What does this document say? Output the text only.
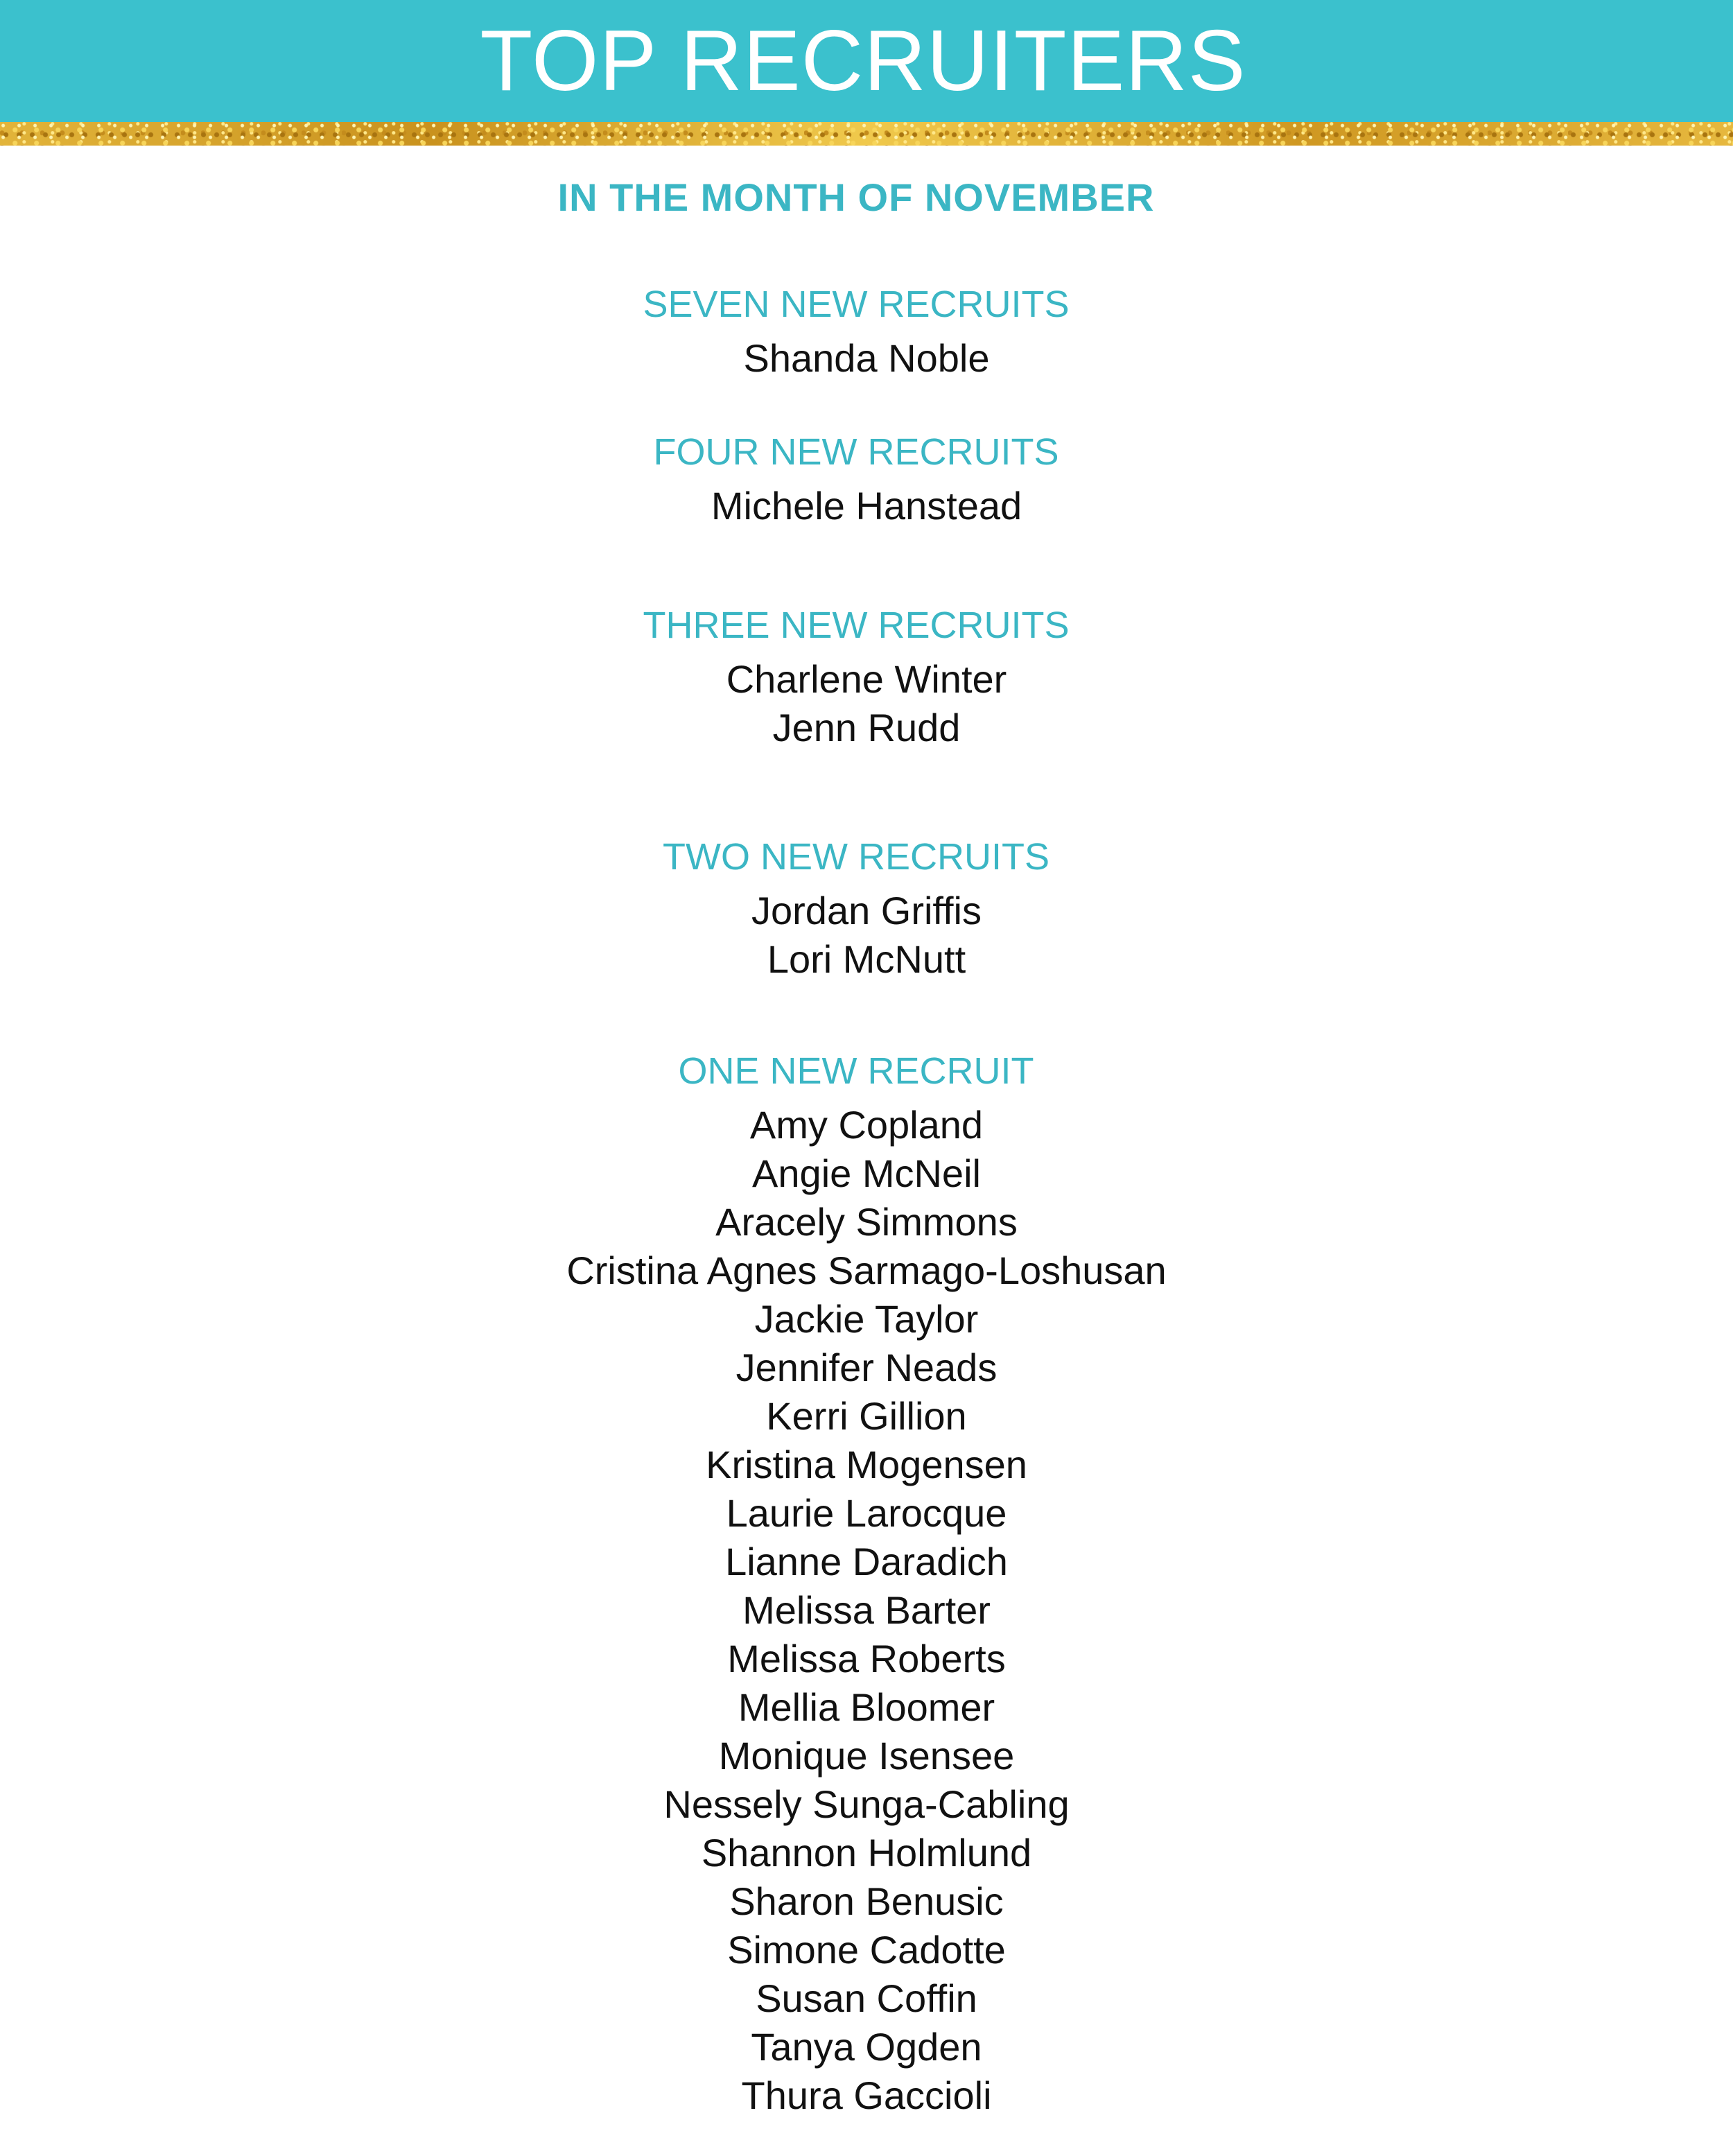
TOP RECRUITERS
IN THE MONTH OF NOVEMBER
SEVEN NEW RECRUITS
Shanda Noble
FOUR NEW RECRUITS
Michele Hanstead
THREE NEW RECRUITS
Charlene Winter
Jenn Rudd
TWO NEW RECRUITS
Jordan Griffis
Lori McNutt
ONE NEW RECRUIT
Amy Copland
Angie McNeil
Aracely Simmons
Cristina Agnes Sarmago-Loshusan
Jackie Taylor
Jennifer Neads
Kerri Gillion
Kristina Mogensen
Laurie Larocque
Lianne Daradich
Melissa Barter
Melissa Roberts
Mellia Bloomer
Monique Isensee
Nessely Sunga-Cabling
Shannon Holmlund
Sharon Benusic
Simone Cadotte
Susan Coffin
Tanya Ogden
Thura Gaccioli
